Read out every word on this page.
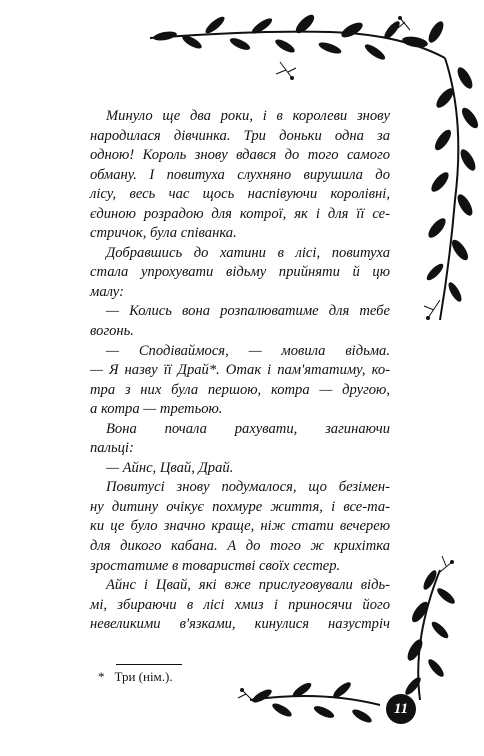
Минуло ще два роки, і в королеви знову

народилася дівчинка. Три доньки одна за

одною! Король знову вдався до того самого

обману. І повитуха слухняно вирушила до

лісу, весь час щось наспівуючи королівні,

єдиною розрадою для котрої, як і для її се-

стричок, була співанка.

Добравшись до хатини в лісі, повитуха

стала упрохувати відьму прийняти й цю

малу:

— Колись вона розпалюватиме для тебе

вогонь.

— Сподіваймося, — мовила відьма.

— Я назву її Драй*. Отак і пам'ятатиму, ко-

тра з них була першою, котра — другою,

а котра — третьою.

Вона почала рахувати, загинаючи

пальці:

— Айнс, Цвай, Драй.

Повитусі знову подумалося, що безімен-

ну дитину очікує похмуре життя, і все-та-

ки це було значно краще, ніж стати вечерею

для дикого кабана. А до того ж крихітка

зростатиме в товаристві своїх сестер.

Айнс і Цвай, які вже прислуговували відь-

мі, збираючи в лісі хмиз і приносячи його

невеликими в'язками, кинулися назустріч

* Три (нім.).
11
